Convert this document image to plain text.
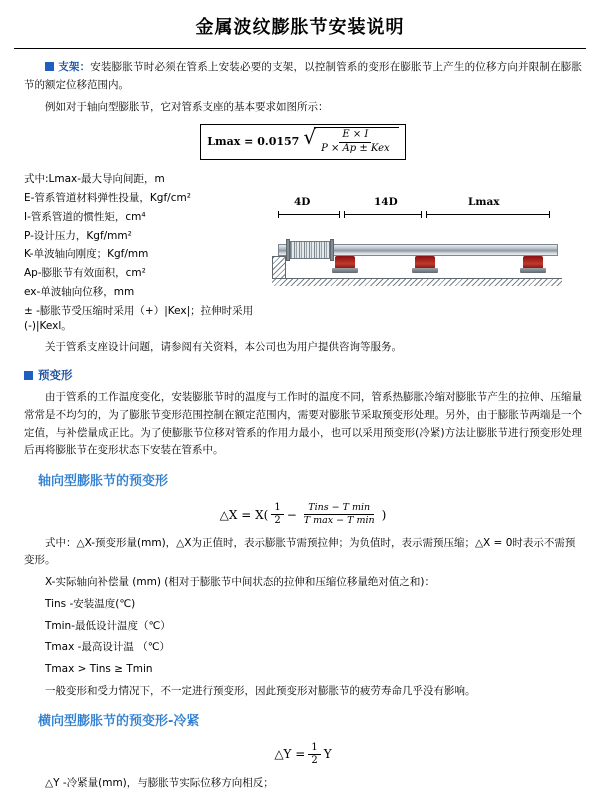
金属波纹膨胀节安装说明

支架：安装膨胀节时必须在管系上安装必要的支架，以控制管系的变形在膨胀节上产生的位移方向并限制在膨胀节的额定位移范围内。

例如对于轴向型膨胀节，它对管系支座的基本要求如图所示：

Lmax = 0.0157 √ $\frac{E \times I}{\text{P × Ap ± Kex}}$
式中:Lmax-最大导向间距，m
E-管系管道材料弹性投量，Kgf/cm²
I-管系管道的惯性矩，cm⁴
P-设计压力，Kgf/mm²
K-单波轴向刚度；Kgf/mm
Ap-膨胀节有效面积，cm²
ex-单波轴向位移，mm
± -膨胀节受压缩时采用（+）|Kex|；拉伸时采用(-)|Kexl。
4D	14D	Lmax

关于管系支座设计问题，请参阅有关资料，本公司也为用户提供咨询等服务。

预变形

由于管系的工作温度变化，安装膨胀节时的温度与工作时的温度不同，管系热膨胀冷缩对膨胀节产生的拉伸、压缩量常常是不均匀的，为了膨胀节变形范围控制在额定范围内，需要对膨胀节采取预变形处理。另外，由于膨胀节两端是一个定值，与补偿量成正比。为了使膨胀节位移对管系的作用力最小，也可以采用预变形(冷紧)方法让膨胀节进行预变形处理后再将膨胀节在变形状态下安装在管系中。

轴向型膨胀节的预变形
△X = $X( \frac{1}{2}$ −	Tins − T min
T max − T min )
式中：△X-预变形量(mm)，△X为正值时，表示膨胀节需预拉伸；为负值时，表示需预压缩；△X = 0时表示不需预变形。
X-实际轴向补偿量 (mm) (相对于膨胀节中间状态的拉伸和压缩位移量绝对值之和)：
Tins -安装温度(℃)
Tmin-最低设计温度（℃）
Tmax -最高设计温 （℃）
Tmax > Tins ≥ Tmin
一般变形和受力情况下，不一定进行预变形，因此预变形对膨胀节的疲劳寿命几乎没有影响。
横向型膨胀节的预变形-冷紧
△Y = $\frac{1}{2}$ Y
△Y -冷紧量(mm)，与膨胀节实际位移方向相反；
